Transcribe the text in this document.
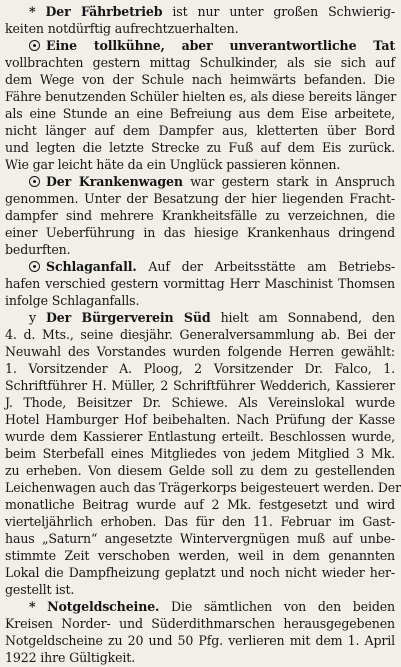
* Der Fährbetrieb ist nur unter großen Schwierig-
keiten notdürftig aufrechtzuerhalten.
Eine tollkühne, aber unverantwortliche Tat
vollbrachten gestern mittag Schulkinder, als sie sich auf
dem Wege von der Schule nach heimwärts befanden. Die
Fähre benutzenden Schüler hielten es, als diese bereits länger
als eine Stunde an eine Befreiung aus dem Eise arbeitete,
nicht länger auf dem Dampfer aus, kletterten über Bord
und legten die letzte Strecke zu Fuß auf dem Eis zurück.
Wie gar leicht häte da ein Unglück passieren können.
Der Krankenwagen war gestern stark in Anspruch
genommen. Unter der Besatzung der hier liegenden Fracht-
dampfer sind mehrere Krankheitsfälle zu verzeichnen, die
einer Ueberführung in das hiesige Krankenhaus dringend
bedurften.
Schlaganfall. Auf der Arbeitsstätte am Betriebs-
hafen verschied gestern vormittag Herr Maschinist Thomsen
infolge Schlaganfalls.
y Der Bürgerverein Süd hielt am Sonnabend, den
4. d. Mts., seine diesjähr. Generalversammlung ab. Bei der
Neuwahl des Vorstandes wurden folgende Herren gewählt:
1. Vorsitzender A. Ploog, 2 Vorsitzender Dr. Falco, 1.
Schriftführer H. Müller, 2 Schriftführer Wedderich, Kassierer
J. Thode, Beisitzer Dr. Schiewe. Als Vereinslokal wurde
Hotel Hamburger Hof beibehalten. Nach Prüfung der Kasse
wurde dem Kassierer Entlastung erteilt. Beschlossen wurde,
beim Sterbefall eines Mitgliedes von jedem Mitglied 3 Mk.
zu erheben. Von diesem Gelde soll zu dem zu gestellenden
Leichenwagen auch das Trägerkorps beigesteuert werden. Der
monatliche Beitrag wurde auf 2 Mk. festgesetzt und wird
vierteljährlich erhoben. Das für den 11. Februar im Gast-
haus „Saturn“ angesetzte Wintervergnügen muß auf unbe-
stimmte Zeit verschoben werden, weil in dem genannten
Lokal die Dampfheizung geplatzt und noch nicht wieder her-
gestellt ist.
* Notgeldscheine. Die sämtlichen von den beiden
Kreisen Norder- und Süderdithmarschen herausgegebenen
Notgeldscheine zu 20 und 50 Pfg. verlieren mit dem 1. April
1922 ihre Gültigkeit.
